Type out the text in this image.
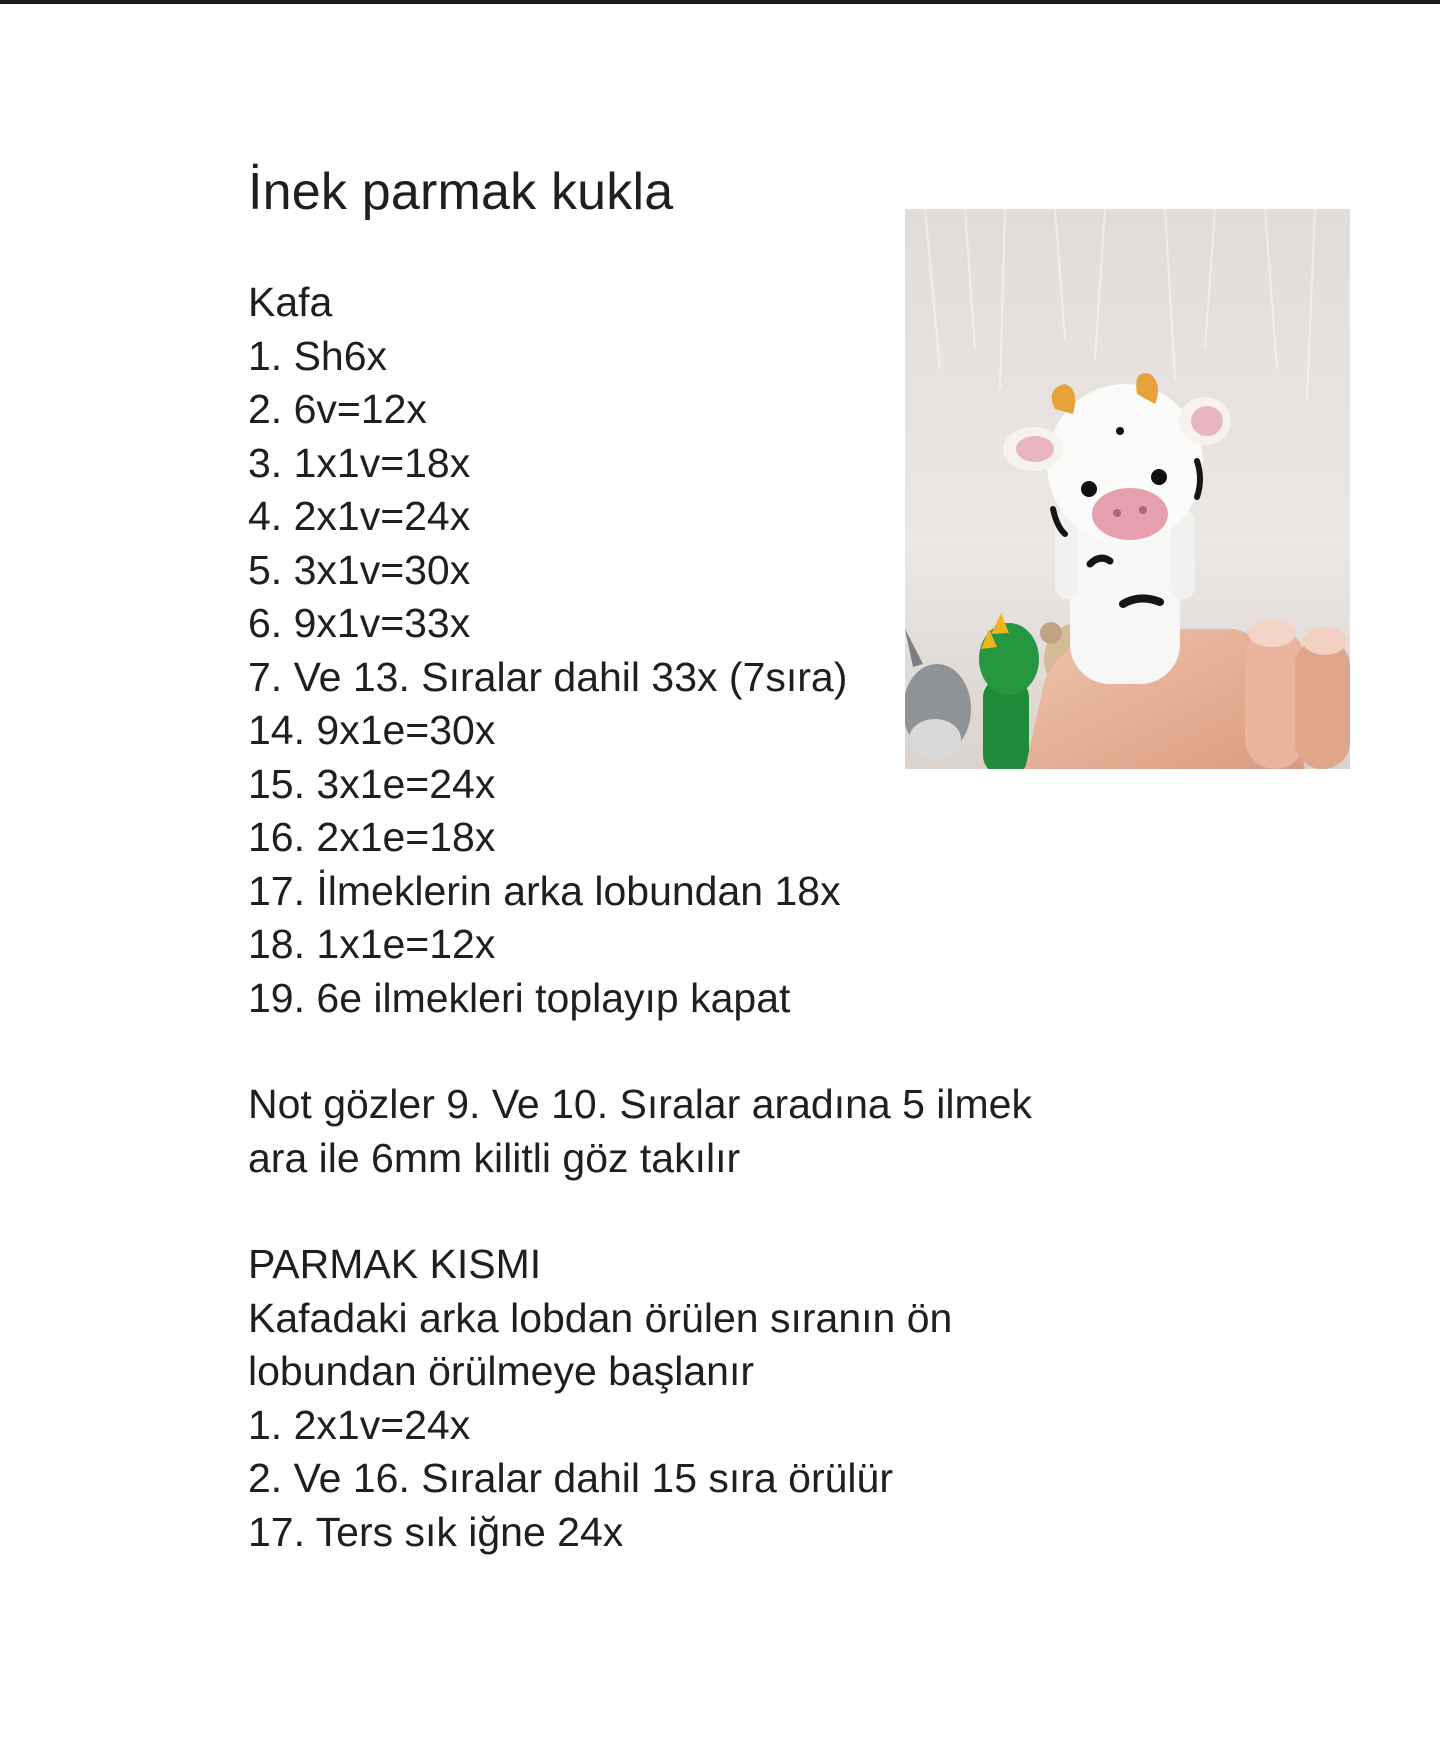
İnek parmak kukla

Kafa

1. Sh6x

2. 6v=12x

3. 1x1v=18x

4. 2x1v=24x

5. 3x1v=30x

6. 9x1v=33x

7. Ve 13. Sıralar dahil 33x (7sıra)

14. 9x1e=30x

15. 3x1e=24x

16. 2x1e=18x

17. İlmeklerin arka lobundan 18x

18. 1x1e=12x

19. 6e ilmekleri toplayıp kapat

Not gözler 9. Ve 10. Sıralar aradına 5 ilmek

ara ile 6mm kilitli göz takılır

PARMAK KISMI

Kafadaki arka lobdan örülen sıranın ön

lobundan örülmeye başlanır

1. 2x1v=24x

2. Ve 16. Sıralar dahil 15 sıra örülür

17. Ters sık iğne 24x
